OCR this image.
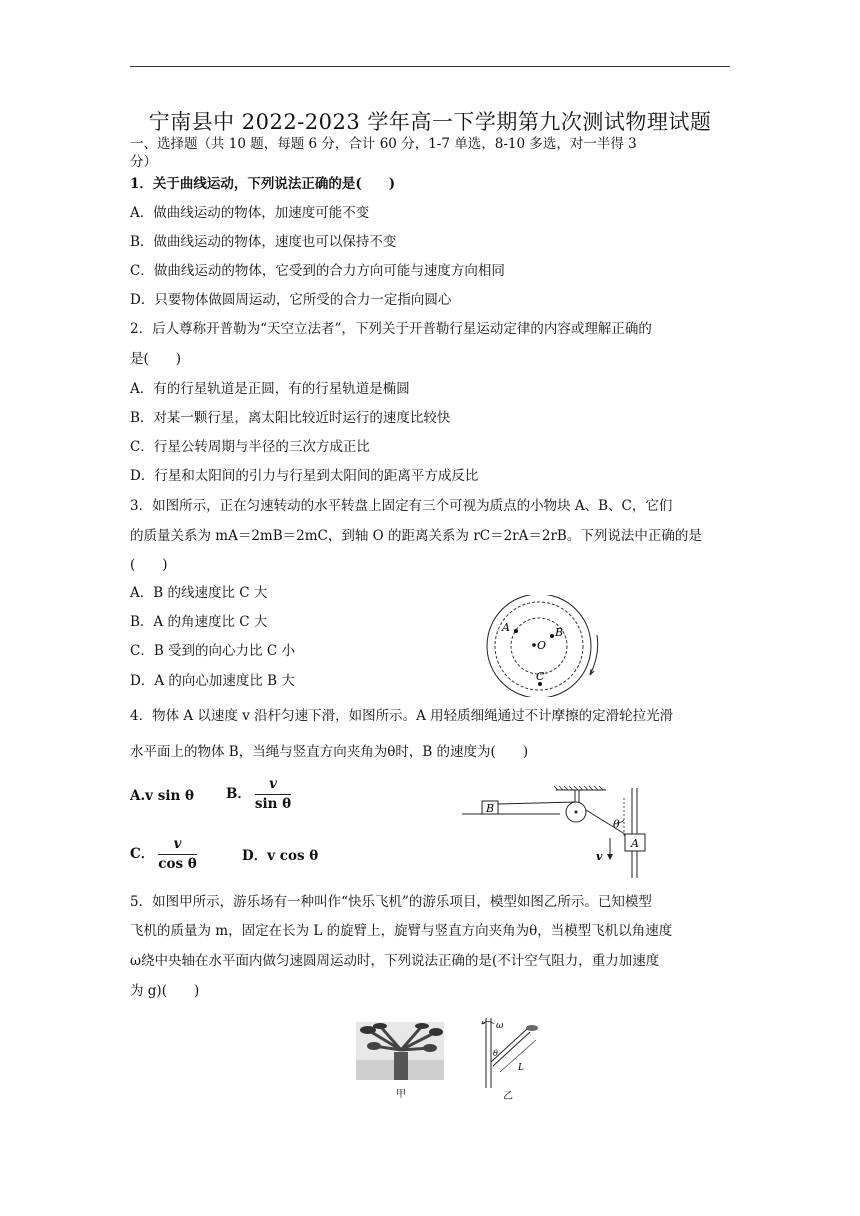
宁南县中 2022-2023 学年高一下学期第九次测试物理试题
一、选择题（共 10 题，每题 6 分，合计 60 分，1-7 单选，8-10 多选，对一半得 3
分）
1．关于曲线运动，下列说法正确的是(　　)
A．做曲线运动的物体，加速度可能不变
B．做曲线运动的物体，速度也可以保持不变
C．做曲线运动的物体，它受到的合力方向可能与速度方向相同
D．只要物体做圆周运动，它所受的合力一定指向圆心
2．后人尊称开普勒为“天空立法者”，下列关于开普勒行星运动定律的内容或理解正确的
是(　　)
A．有的行星轨道是正圆，有的行星轨道是椭圆
B．对某一颗行星，离太阳比较近时运行的速度比较快
C．行星公转周期与半径的三次方成正比
D．行星和太阳间的引力与行星到太阳间的距离平方成反比
3．如图所示，正在匀速转动的水平转盘上固定有三个可视为质点的小物块 A、B、C，它们
的质量关系为 mA＝2mB＝2mC，到轴 O 的距离关系为 rC＝2rA＝2rB。下列说法中正确的是
(　　)
A．B 的线速度比 C 大
B．A 的角速度比 C 大
C．B 受到的向心力比 C 小
D．A 的向心加速度比 B 大
A	B
O
C
4．物体 A 以速度 v 沿杆匀速下滑，如图所示。A 用轻质细绳通过不计摩擦的定滑轮拉光滑
水平面上的物体 B，当绳与竖直方向夹角为θ时，B 的速度为(　　)
A.v sin θ B． $\frac{v}{\text{sin θ}}$
C． $\frac{v}{\text{cos θ}}$	D．v cos θ
B
θ
A
v
5．如图甲所示，游乐场有一种叫作“快乐飞机”的游乐项目，模型如图乙所示。已知模型
飞机的质量为 m，固定在长为 L 的旋臂上，旋臂与竖直方向夹角为θ，当模型飞机以角速度
ω绕中央轴在水平面内做匀速圆周运动时，下列说法正确的是(不计空气阻力，重力加速度
为 g)(　　)
甲
ω
θ
L
乙
